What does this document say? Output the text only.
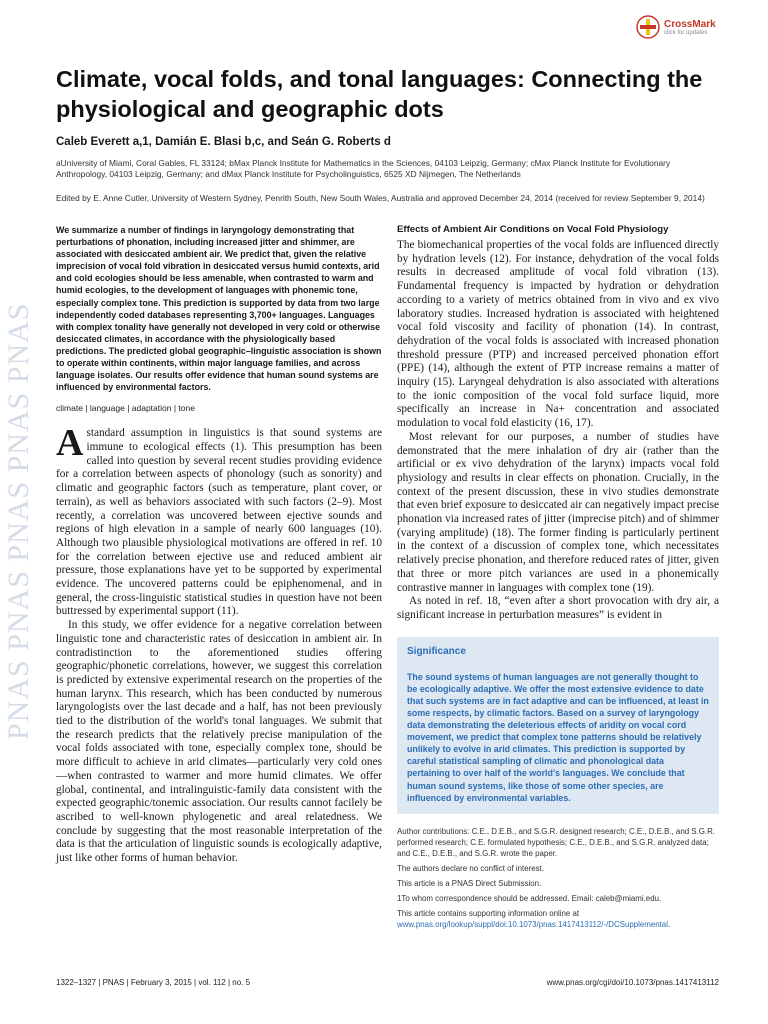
PNAS PNAS PNAS PNAS PNAS
CrossMark
click for updates
Climate, vocal folds, and tonal languages: Connecting the physiological and geographic dots
Caleb Everett a,1, Damián E. Blasi b,c, and Seán G. Roberts d
aUniversity of Miami, Coral Gables, FL 33124; bMax Planck Institute for Mathematics in the Sciences, 04103 Leipzig, Germany; cMax Planck Institute for Evolutionary Anthropology, 04103 Leipzig, Germany; and dMax Planck Institute for Psycholinguistics, 6525 XD Nijmegen, The Netherlands
Edited by E. Anne Cutler, University of Western Sydney, Penrith South, New South Wales, Australia and approved December 24, 2014 (received for review September 9, 2014)

We summarize a number of findings in laryngology demonstrating that perturbations of phonation, including increased jitter and shimmer, are associated with desiccated ambient air. We predict that, given the relative imprecision of vocal fold vibration in desiccated versus humid contexts, arid and cold ecologies should be less amenable, when contrasted to warm and humid ecologies, to the development of languages with phonemic tone, especially complex tone. This prediction is supported by data from two large independently coded databases representing 3,700+ languages. Languages with complex tonality have generally not developed in very cold or otherwise desiccated climates, in accordance with the physiologically based predictions. The predicted global geographic–linguistic association is shown to operate within continents, within major language families, and across language isolates. Our results offer evidence that human sound systems are influenced by environmental factors.

climate | language | adaptation | tone

Astandard assumption in linguistics is that sound systems are immune to ecological effects (1). This presumption has been called into question by several recent studies providing evidence for a correlation between aspects of phonology (such as sonority) and climatic and geographic factors (such as temperature, plant cover, or terrain), as well as behaviors associated with such factors (2–9). Most recently, a correlation was uncovered between ejective sounds and regions of high elevation in a sample of nearly 600 languages (10). Although two plausible physiological motivations are offered in ref. 10 for the correlation between ejective use and reduced ambient air pressure, those explanations have yet to be supported by experimental evidence. The uncovered patterns could be epiphenomenal, and in general, the cross-linguistic statistical studies in question have not been buttressed by experimental support (11).

In this study, we offer evidence for a negative correlation between linguistic tone and characteristic rates of desiccation in ambient air. In contradistinction to the aforementioned studies offering geographic/phonetic correlations, however, we suggest this correlation is predicted by extensive experimental research on the properties of the human larynx. This research, which has been conducted by numerous laryngologists over the last decade and a half, has not been previously tied to the distribution of the world's tonal languages. We submit that the research predicts that the relatively precise manipulation of the vocal folds associated with tone, especially complex tone, should be more difficult to achieve in arid climates—particularly very cold ones—when contrasted to warmer and more humid climates. We offer global, continental, and intralinguistic-family data consistent with the expected geographic/tonemic association. Our results cannot facilely be ascribed to well-known phylogenetic and areal relatedness. We conclude by suggesting that the most reasonable interpretation of the data is that the articulation of linguistic sounds is ecologically adaptive, just like other forms of human behavior.

Effects of Ambient Air Conditions on Vocal Fold Physiology

The biomechanical properties of the vocal folds are influenced directly by hydration levels (12). For instance, dehydration of the vocal folds results in decreased amplitude of vocal fold vibration (13). Fundamental frequency is impacted by hydration or dehydration according to a variety of metrics obtained from in vivo and ex vivo laboratory studies. Increased hydration is associated with heightened vocal fold viscosity and facility of phonation (14). In contrast, dehydration of the vocal folds is associated with increased phonation threshold pressure (PTP) and increased perceived phonation effort (PPE) (14), although the extent of PTP increase remains a matter of inquiry (15). Laryngeal dehydration is also associated with alterations to the ionic composition of the vocal fold surface liquid, more specifically an increase in Na+ concentration and associated modulation to vocal fold elasticity (16, 17).

Most relevant for our purposes, a number of studies have demonstrated that the mere inhalation of dry air (rather than the artificial or ex vivo dehydration of the larynx) impacts vocal fold physiology and results in clear effects on phonation. Crucially, in the context of the present discussion, these in vivo studies demonstrate that even brief exposure to desiccated air can negatively impact precise phonation via increased rates of jitter (imprecise pitch) and of shimmer (varying amplitude) (18). The former finding is particularly pertinent in the context of a discussion of complex tone, which necessitates relatively precise phonation, and therefore reduced rates of jitter, given that three or more pitch variances are used in a phonemically contrastive manner in languages with complex tone (19).

As noted in ref. 18, “even after a short provocation with dry air, a significant increase in perturbation measures” is evident in

Significance

The sound systems of human languages are not generally thought to be ecologically adaptive. We offer the most extensive evidence to date that such systems are in fact adaptive and can be influenced, at least in some respects, by climatic factors. Based on a survey of laryngology data demonstrating the deleterious effects of aridity on vocal cord movement, we predict that complex tone patterns should be relatively unlikely to evolve in arid climates. This prediction is supported by careful statistical sampling of climatic and phonological data pertaining to over half of the world's languages. We conclude that human sound systems, like those of some other species, are influenced by environmental variables.

Author contributions: C.E., D.E.B., and S.G.R. designed research; C.E., D.E.B., and S.G.R. performed research; C.E. formulated hypothesis; C.E., D.E.B., and S.G.R. analyzed data; and C.E., D.E.B., and S.G.R. wrote the paper.

The authors declare no conflict of interest.

This article is a PNAS Direct Submission.

1To whom correspondence should be addressed. Email: caleb@miami.edu.

This article contains supporting information online at www.pnas.org/lookup/suppl/doi:10.1073/pnas.1417413112/-/DCSupplemental.

1322–1327 | PNAS | February 3, 2015 | vol. 112 | no. 5	www.pnas.org/cgi/doi/10.1073/pnas.1417413112
